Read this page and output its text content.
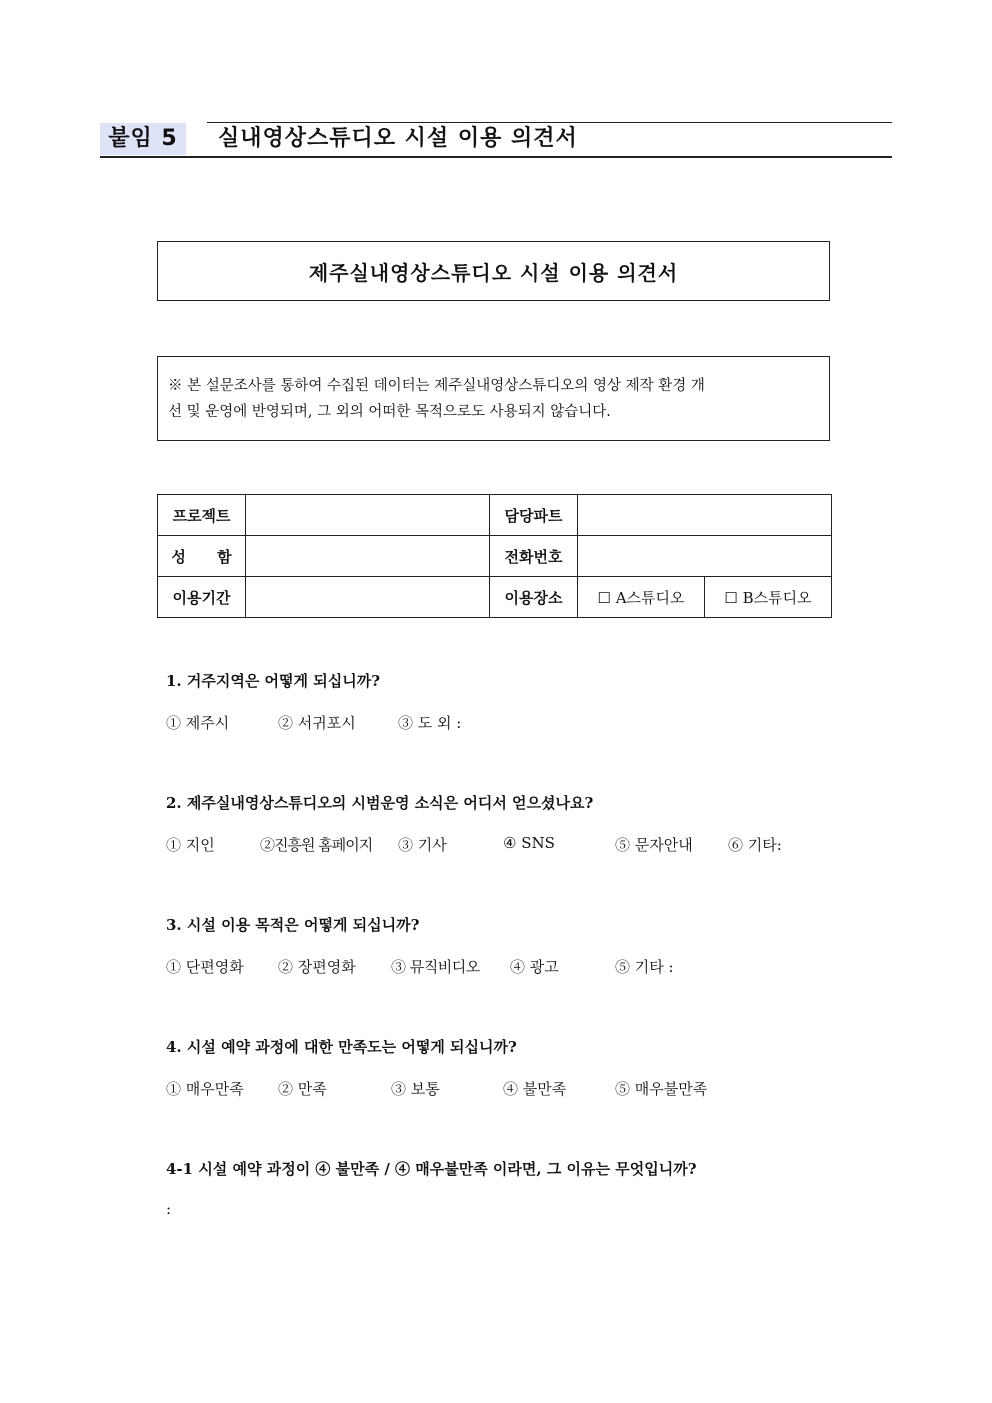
붙임 5	실내영상스튜디오 시설 이용 의견서
제주실내영상스튜디오 시설 이용 의견서
※ 본 설문조사를 통하여 수집된 데이터는 제주실내영상스튜디오의 영상 제작 환경 개
선 및 운영에 반영되며, 그 외의 어떠한 목적으로도 사용되지 않습니다.
프로젝트		담당파트		
성      함		전화번호		
이용기간		이용장소	☐ A스튜디오	☐ B스튜디오
1. 거주지역은 어떻게 되십니까?
① 제주시	② 서귀포시	③ 도 외 :
2. 제주실내영상스튜디오의 시범운영 소식은 어디서 얻으셨나요?
① 지인	②진흥원 홈페이지 ③ 기사	④ SNS	⑤ 문자안내 ⑥ 기타:
3. 시설 이용 목적은 어떻게 되십니까?
① 단편영화 ② 장편영화 ③ 뮤직비디오 ④ 광고	⑤ 기타 :
4. 시설 예약 과정에 대한 만족도는 어떻게 되십니까?
① 매우만족 ② 만족	③ 보통	④ 불만족	⑤ 매우불만족
4-1 시설 예약 과정이 ④ 불만족 / ④ 매우불만족 이라면, 그 이유는 무엇입니까?
:
